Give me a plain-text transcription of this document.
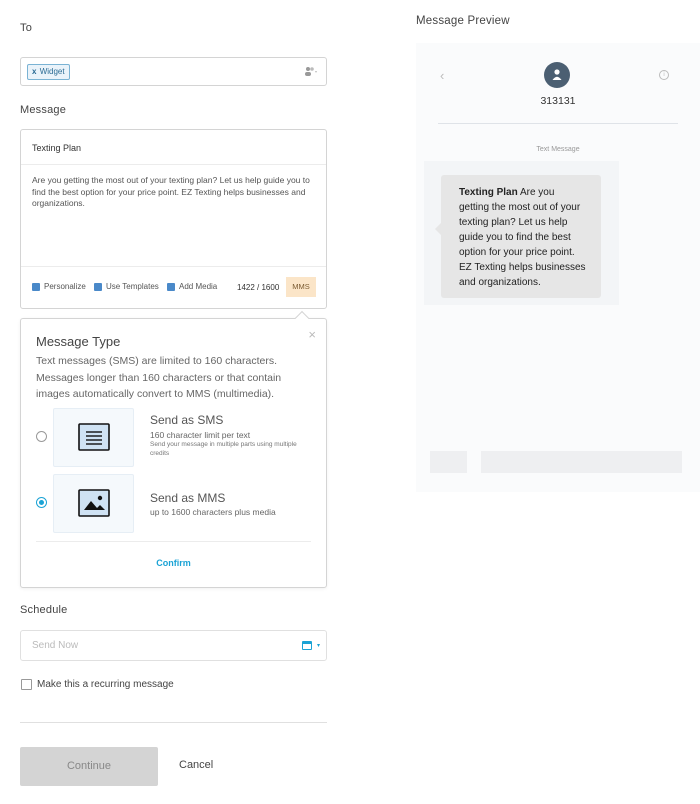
To
x Widget
Message
Texting Plan
Are you getting the most out of your texting plan? Let us help guide you to find the best option for your price point. EZ Texting helps businesses and organizations.
Personalize	Use Templates	Add Media 1422 / 1600	MMS
×
Message Type
Text messages (SMS) are limited to 160 characters. Messages longer than 160 characters or that contain images automatically convert to MMS (multimedia).
Send as SMS
160 character limit per text
Send your message in multiple parts using multiple credits
Send as MMS
up to 1600 characters plus media
Confirm
Schedule
Send Now	▾
Make this a recurring message
Continue	Cancel
Message Preview
‹	i
313131
Text Message
Texting Plan Are you getting the most out of your texting plan? Let us help guide you to find the best option for your price point. EZ Texting helps businesses and organizations.
